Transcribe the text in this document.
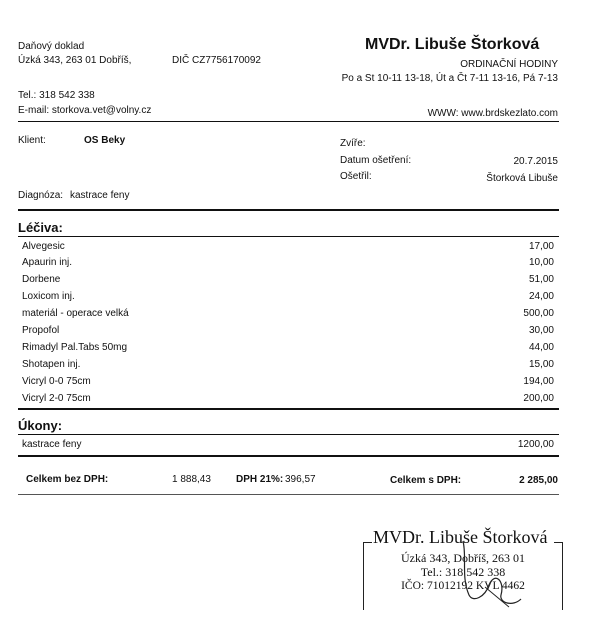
Daňový doklad
Úzká 343, 263 01 Dobříš,	DIČ CZ7756170092
MVDr. Libuše Štorková
ORDINAČNÍ HODINY
Po a St 10-11 13-18, Út a Čt 7-11 13-16, Pá 7-13
Tel.: 318 542 338
E-mail: storkova.vet@volny.cz	WWW: www.brdskezlato.com
Klient:	OS Beky	Zvíře:
Datum ošetření:	20.7.2015
Ošetřil:	Štorková Libuše
Diagnóza: kastrace feny
Léčiva:
Alvegesic	17,00
Apaurin inj.	10,00
Dorbene	51,00
Loxicom inj.	24,00
materiál - operace velká	500,00
Propofol	30,00
Rimadyl Pal.Tabs 50mg	44,00
Shotapen inj.	15,00
Vicryl 0-0 75cm	194,00
Vicryl 2-0 75cm	200,00
Úkony:
kastrace feny	1200,00
Celkem bez DPH:	1 888,43	DPH 21%: 396,57	Celkem s DPH:	2 285,00
MVDr. Libuše Štorková
Úzká 343, Dobříš, 263 01
Tel.: 318 542 338
IČO: 71012192 KVL 4462
